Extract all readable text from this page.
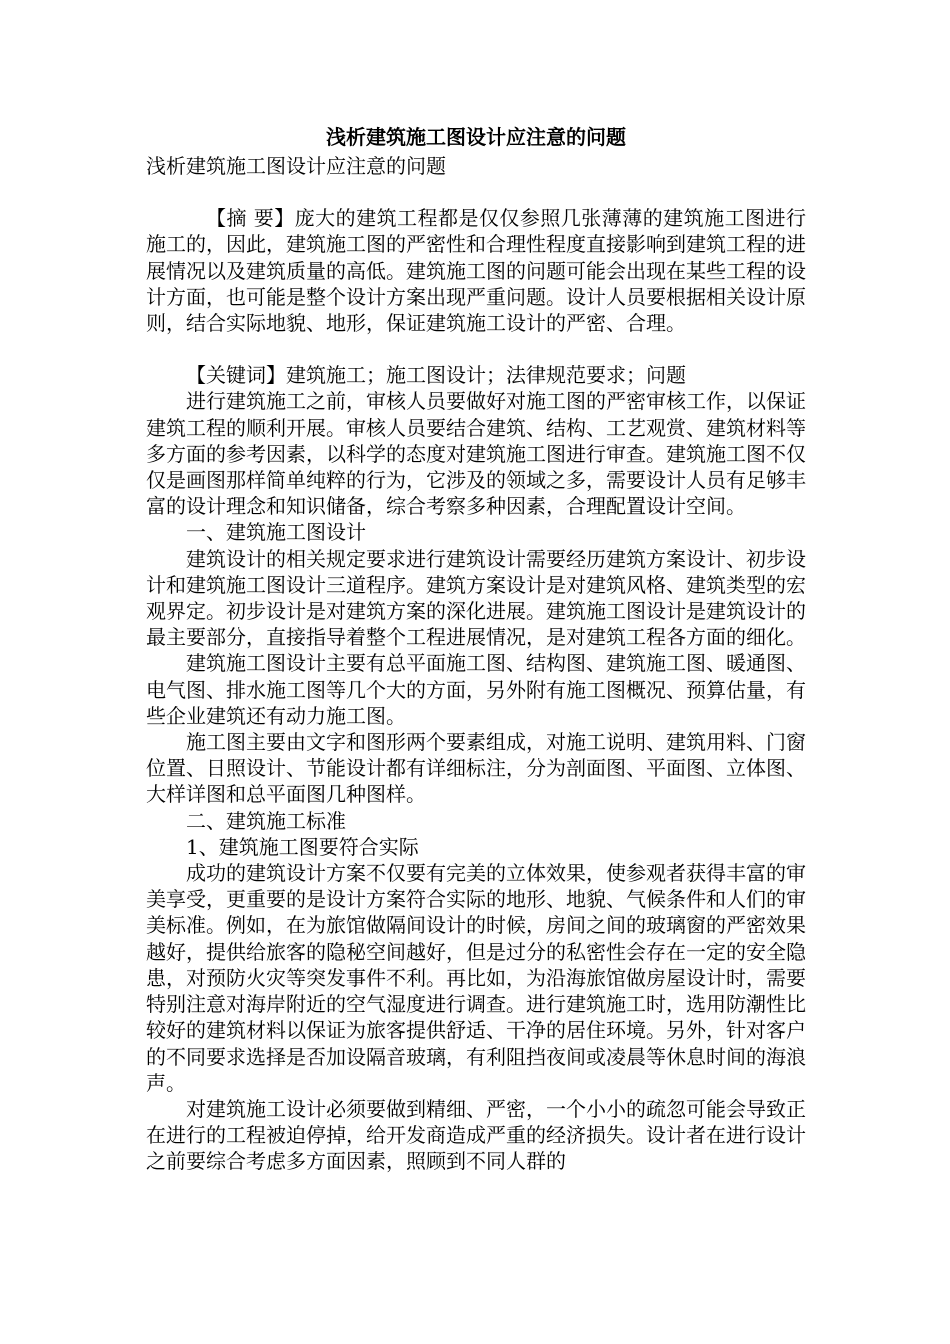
浅析建筑施工图设计应注意的问题

浅析建筑施工图设计应注意的问题

【摘 要】庞大的建筑工程都是仅仅参照几张薄薄的建筑施工图进行施工的，因此，建筑施工图的严密性和合理性程度直接影响到建筑工程的进展情况以及建筑质量的高低。建筑施工图的问题可能会出现在某些工程的设计方面，也可能是整个设计方案出现严重问题。设计人员要根据相关设计原则，结合实际地貌、地形，保证建筑施工设计的严密、合理。

【关键词】建筑施工；施工图设计；法律规范要求；问题

进行建筑施工之前，审核人员要做好对施工图的严密审核工作，以保证建筑工程的顺利开展。审核人员要结合建筑、结构、工艺观赏、建筑材料等多方面的参考因素，以科学的态度对建筑施工图进行审查。建筑施工图不仅仅是画图那样简单纯粹的行为，它涉及的领域之多，需要设计人员有足够丰富的设计理念和知识储备，综合考察多种因素，合理配置设计空间。

一、建筑施工图设计

建筑设计的相关规定要求进行建筑设计需要经历建筑方案设计、初步设计和建筑施工图设计三道程序。建筑方案设计是对建筑风格、建筑类型的宏观界定。初步设计是对建筑方案的深化进展。建筑施工图设计是建筑设计的最主要部分，直接指导着整个工程进展情况，是对建筑工程各方面的细化。

建筑施工图设计主要有总平面施工图、结构图、建筑施工图、暖通图、电气图、排水施工图等几个大的方面，另外附有施工图概况、预算估量，有些企业建筑还有动力施工图。

施工图主要由文字和图形两个要素组成，对施工说明、建筑用料、门窗位置、日照设计、节能设计都有详细标注，分为剖面图、平面图、立体图、大样详图和总平面图几种图样。

二、建筑施工标准

1、建筑施工图要符合实际

成功的建筑设计方案不仅要有完美的立体效果，使参观者获得丰富的审美享受，更重要的是设计方案符合实际的地形、地貌、气候条件和人们的审美标准。例如，在为旅馆做隔间设计的时候，房间之间的玻璃窗的严密效果越好，提供给旅客的隐秘空间越好，但是过分的私密性会存在一定的安全隐患，对预防火灾等突发事件不利。再比如，为沿海旅馆做房屋设计时，需要特别注意对海岸附近的空气湿度进行调查。进行建筑施工时，选用防潮性比较好的建筑材料以保证为旅客提供舒适、干净的居住环境。另外，针对客户的不同要求选择是否加设隔音玻璃，有利阻挡夜间或凌晨等休息时间的海浪声。

对建筑施工设计必须要做到精细、严密，一个小小的疏忽可能会导致正在进行的工程被迫停掉，给开发商造成严重的经济损失。设计者在进行设计之前要综合考虑多方面因素，照顾到不同人群的
